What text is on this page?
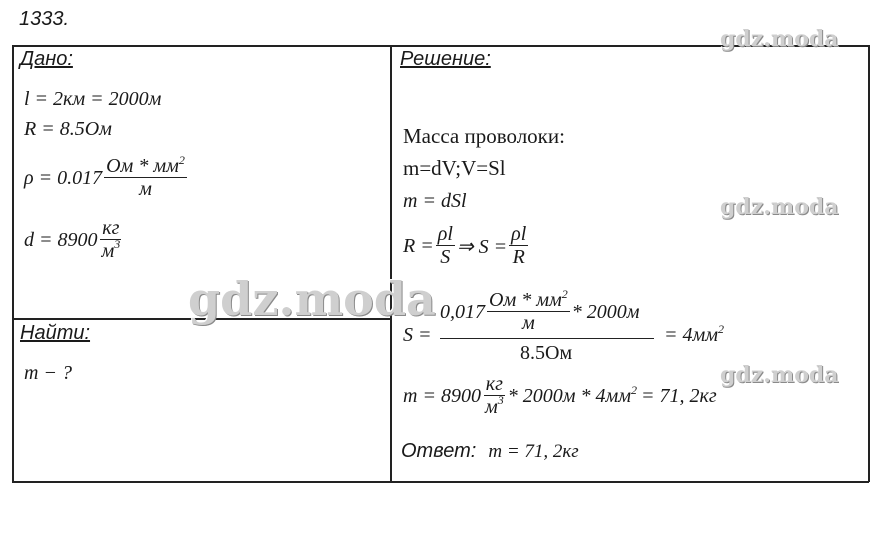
1333.
Дано:
l = 2км = 2000м
R = 8.5Ом
$\rho = 0.017 \frac{Ом * мм^2}{м}$
$d = 8900 \frac{кг}{м^3}$
Найти:
m − ?
Решение:
Масса проволоки:
m=dV;V=Sl
m = dSl
$R = \frac{\rho l}{S}$ ⇒ $S = \frac{\rho l}{R}$
S =
$0,017 \frac{Ом * мм^2}{м} * 2000м$
8.5Ом
= $4мм^2$
$m = 8900 \frac{кг}{м^3} * 2000м * 4мм^2 = 71$, 2кг
Ответ: m = 71, 2кг
gdz.moda
gdz.moda
gdz.moda
gdz.moda
